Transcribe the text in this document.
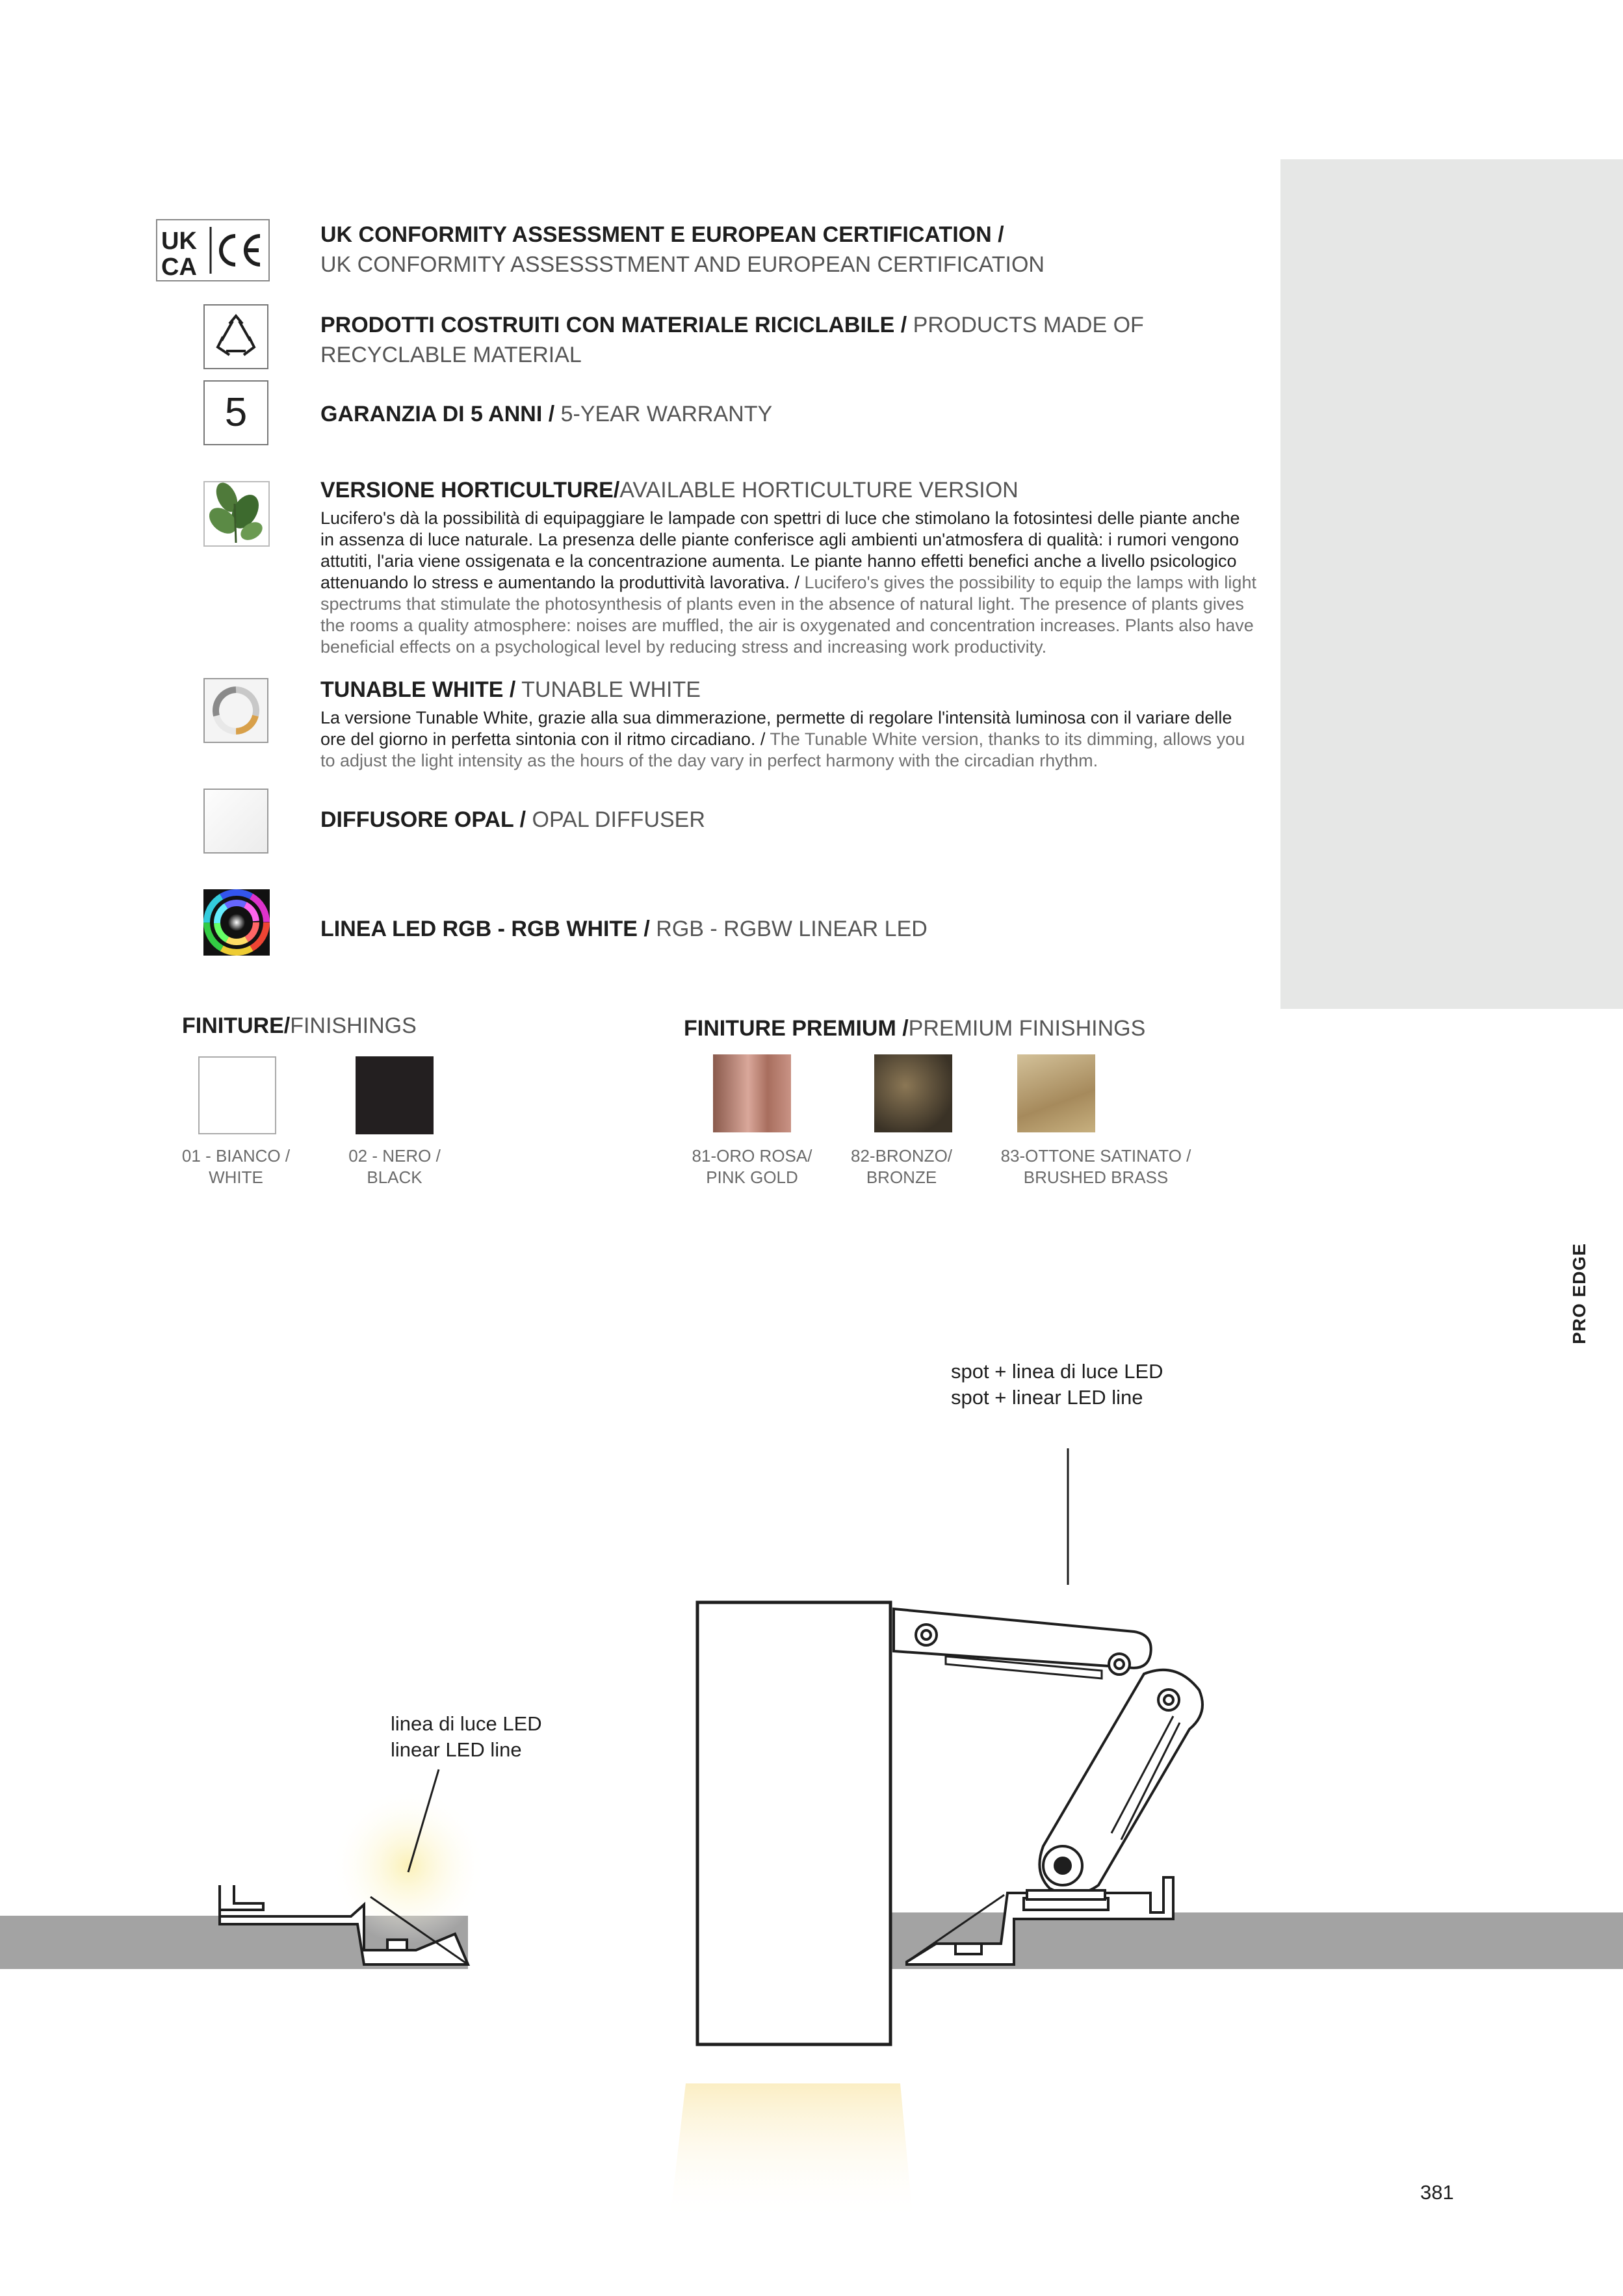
UK
CA
5
UK CONFORMITY ASSESSMENT E EUROPEAN CERTIFICATION /
UK CONFORMITY ASSESSSTMENT AND EUROPEAN CERTIFICATION
PRODOTTI COSTRUITI CON MATERIALE RICICLABILE / PRODUCTS MADE OF RECYCLABLE MATERIAL
GARANZIA DI 5 ANNI / 5-YEAR WARRANTY
VERSIONE HORTICULTURE/AVAILABLE HORTICULTURE VERSION
Lucifero's dà la possibilità di equipaggiare le lampade con spettri di luce che stimolano la fotosintesi delle piante anche in assenza di luce naturale. La presenza delle piante conferisce agli ambienti un'atmosfera di qualità: i rumori vengono attutiti, l'aria viene ossigenata e la concentrazione aumenta. Le piante hanno effetti benefici anche a livello psicologico attenuando lo stress e aumentando la produttività lavorativa. / Lucifero's gives the possibility to equip the lamps with light spectrums that stimulate the photosynthesis of plants even in the absence of natural light. The presence of plants gives the rooms a quality atmosphere: noises are muffled, the air is oxygenated and concentration increases. Plants also have beneficial effects on a psychological level by reducing stress and increasing work productivity.
TUNABLE WHITE / TUNABLE WHITE
La versione Tunable White, grazie alla sua dimmerazione, permette di regolare l'intensità luminosa con il variare delle ore del giorno in perfetta sintonia con il ritmo circadiano. / The Tunable White version, thanks to its dimming, allows you to adjust the light intensity as the hours of the day vary in perfect harmony with the circadian rhythm.
DIFFUSORE OPAL / OPAL DIFFUSER
LINEA LED RGB - RGB WHITE / RGB - RGBW LINEAR LED
FINITURE/FINISHINGS
01 - BIANCO /
WHITE
02 - NERO /
BLACK
FINITURE PREMIUM /PREMIUM FINISHINGS
81-ORO ROSA/
PINK GOLD
82-BRONZO/
BRONZE
83-OTTONE SATINATO /
BRUSHED BRASS
PRO EDGE
spot + linea di luce LED
spot + linear LED line
linea di luce LED
linear LED line
381
